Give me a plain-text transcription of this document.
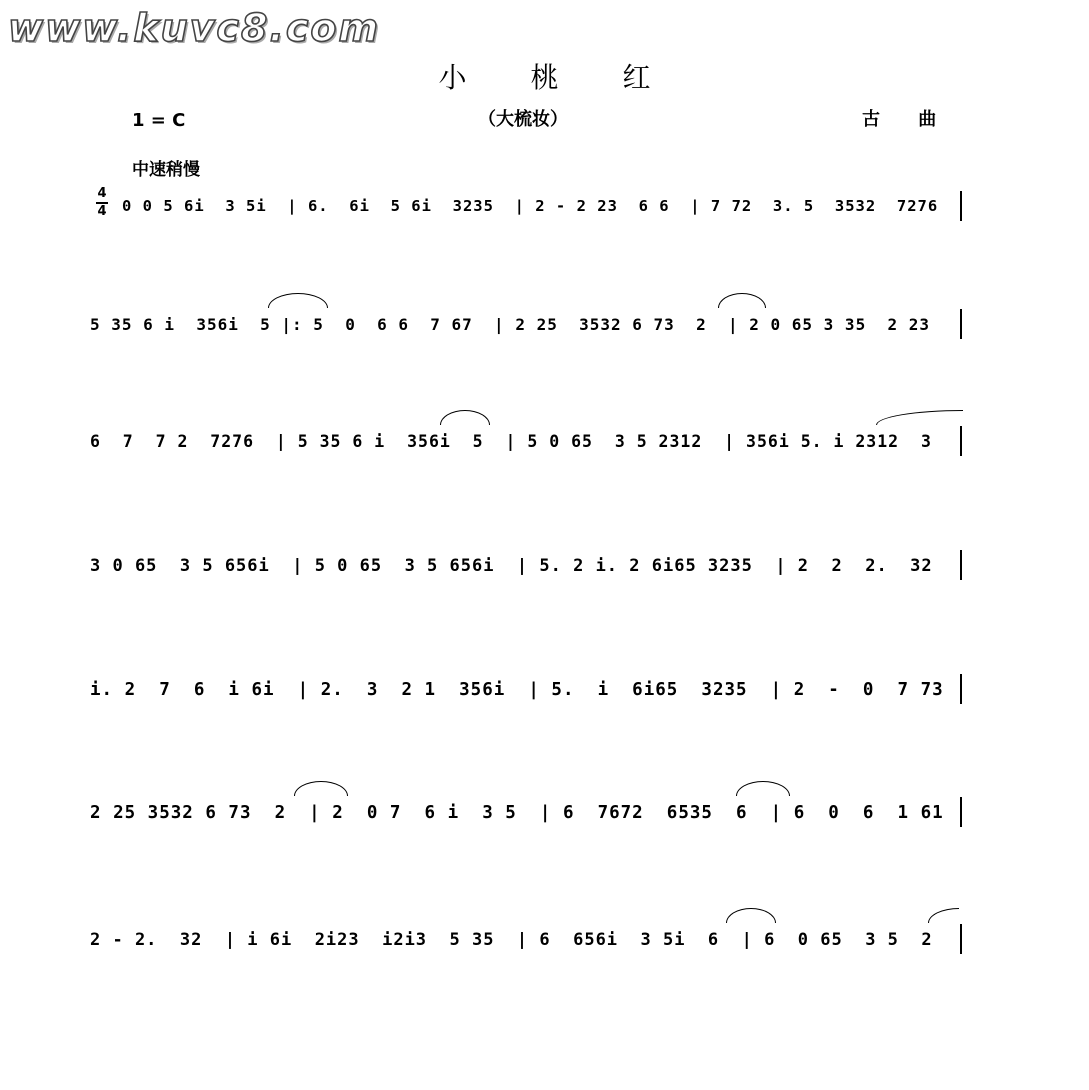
www.kuvc8.com
小桃红
1 = C	（大梳妆）	古 曲
中速稍慢
4
4 0 0 5 6i  3 5i  | 6.  6i  5 6i  3235  | 2 - 2 23  6 6  | 7 72  3. 5  3532  7276
5 35 6 i  356i  5 |: 5  0  6 6  7 67  | 2 25  3532 6 73  2  | 2 0 65 3 35  2 23
6  7  7 2  7276  | 5 35 6 i  356i  5  | 5 0 65  3 5 2312  | 356i 5. i 2312  3
3 0 65  3 5 656i  | 5 0 65  3 5 656i  | 5. 2 i. 2 6i65 3235  | 2  2  2.  32
i. 2  7  6  i 6i  | 2.  3  2 1  356i  | 5.  i  6i65  3235  | 2  -  0  7 73
2 25 3532 6 73  2  | 2  0 7  6 i  3 5  | 6  7672  6535  6  | 6  0  6  1 61
2 - 2.  32  | i 6i  2i23  i2i3  5 35  | 6  656i  3 5i  6  | 6  0 65  3 5  2
